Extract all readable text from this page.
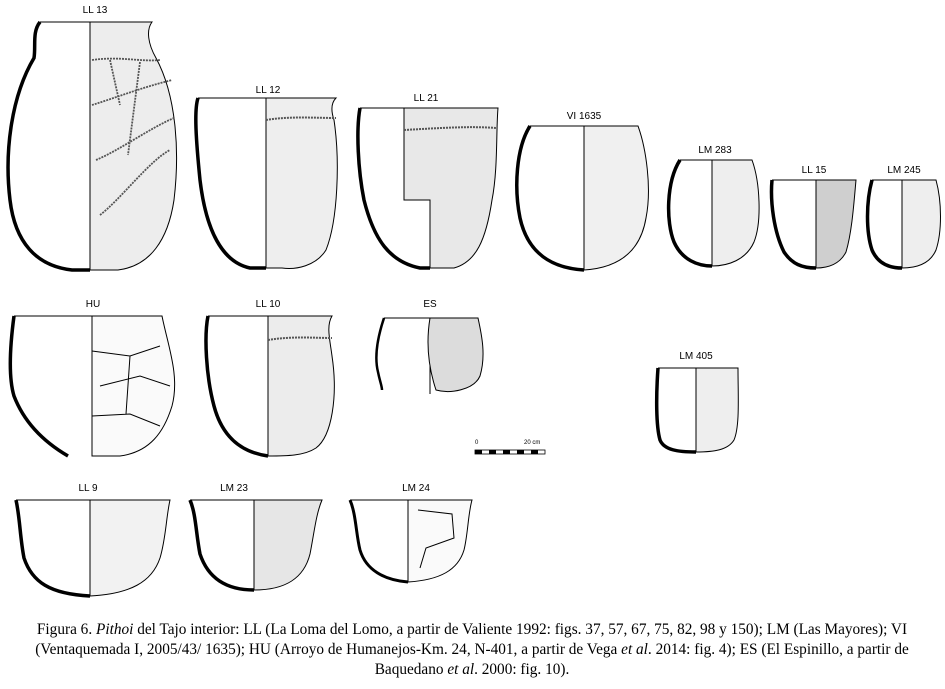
LL 13
LL 12
LL 21
VI 1635
LM 283
LL 15	LM 245
HU	LL 10	ES
LM 405
0	20 cm
LL 9	LM 23	LM 24
Figura 6. Pithoi del Tajo interior: LL (La Loma del Lomo, a partir de Valiente 1992: figs. 37, 57, 67, 75, 82, 98 y 150); LM (Las Mayores); VI (Ventaquemada I, 2005/43/ 1635); HU (Arroyo de Humanejos-Km. 24, N-401, a partir de Vega et al. 2014: fig. 4); ES (El Espinillo, a partir de Baquedano et al. 2000: fig. 10).
